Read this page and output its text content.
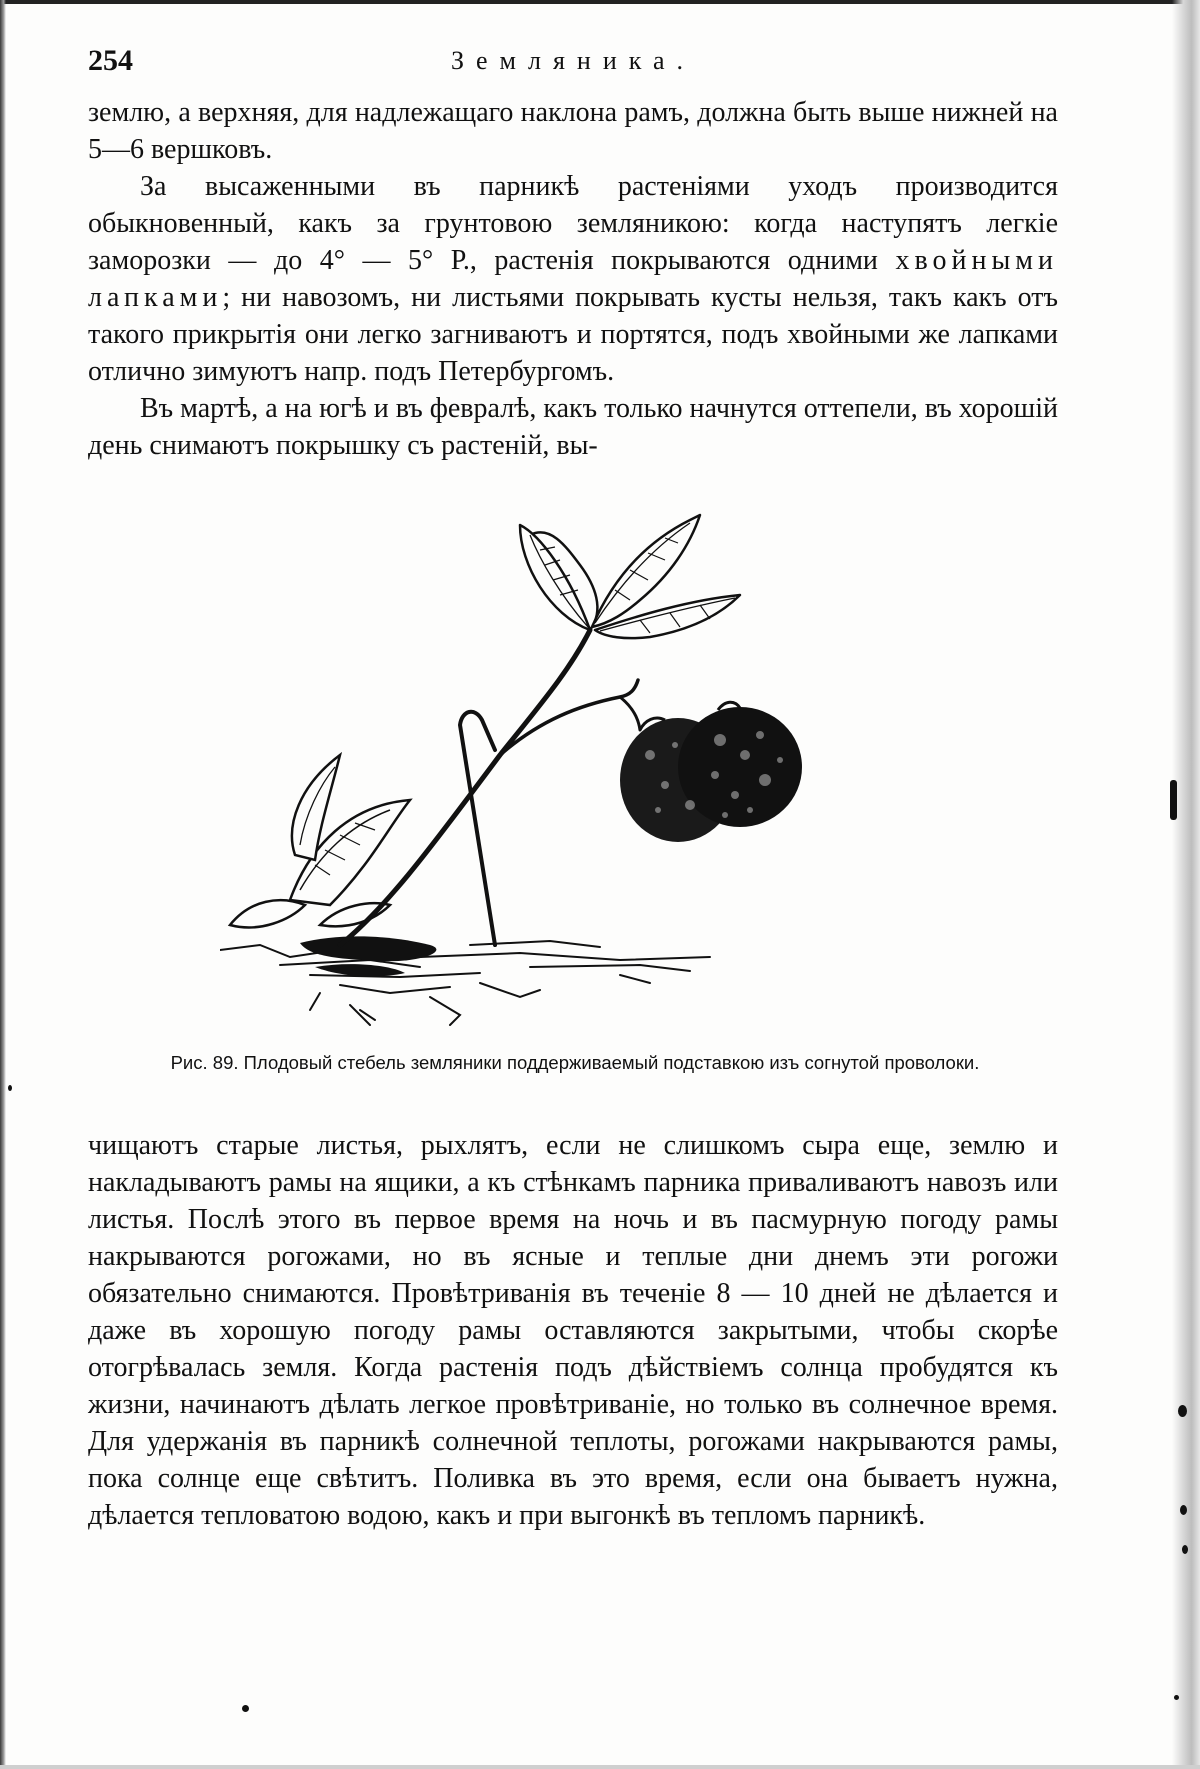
254	Земляника.

землю, а верхняя, для надлежащаго наклона рамъ, должна быть выше нижней на 5—6 вершковъ.

За высаженными въ парникѣ растеніями уходъ производится обыкновенный, какъ за грунтовою земляникою: когда наступятъ легкіе заморозки — до 4° — 5° Р., растенія покрываются одними хвойными лапками; ни навозомъ, ни листьями покрывать кусты нельзя, такъ какъ отъ такого прикрытія они легко загниваютъ и портятся, подъ хвойными же лапками отлично зимуютъ напр. подъ Петербургомъ.

Въ мартѣ, а на югѣ и въ февралѣ, какъ только начнутся оттепели, въ хорошій день снимаютъ покрышку съ растеній, вы-

Рис. 89. Плодовый стебель земляники поддерживаемый подставкою изъ согнутой проволоки.

чищаютъ старые листья, рыхлятъ, если не слишкомъ сыра еще, землю и накладываютъ рамы на ящики, а къ стѣнкамъ парника приваливаютъ навозъ или листья. Послѣ этого въ первое время на ночь и въ пасмурную погоду рамы накрываются рогожами, но въ ясные и теплые дни днемъ эти рогожи обязательно снимаются. Провѣтриванія въ теченіе 8 — 10 дней не дѣлается и даже въ хорошую погоду рамы оставляются закрытыми, чтобы скорѣе отогрѣвалась земля. Когда растенія подъ дѣйствіемъ солнца пробудятся къ жизни, начинаютъ дѣлать легкое провѣтриваніе, но только въ солнечное время. Для удержанія въ парникѣ солнечной теплоты, рогожами накрываются рамы, пока солнце еще свѣтитъ. Поливка въ это время, если она бываетъ нужна, дѣлается тепловатою водою, какъ и при выгонкѣ въ тепломъ парникѣ.
